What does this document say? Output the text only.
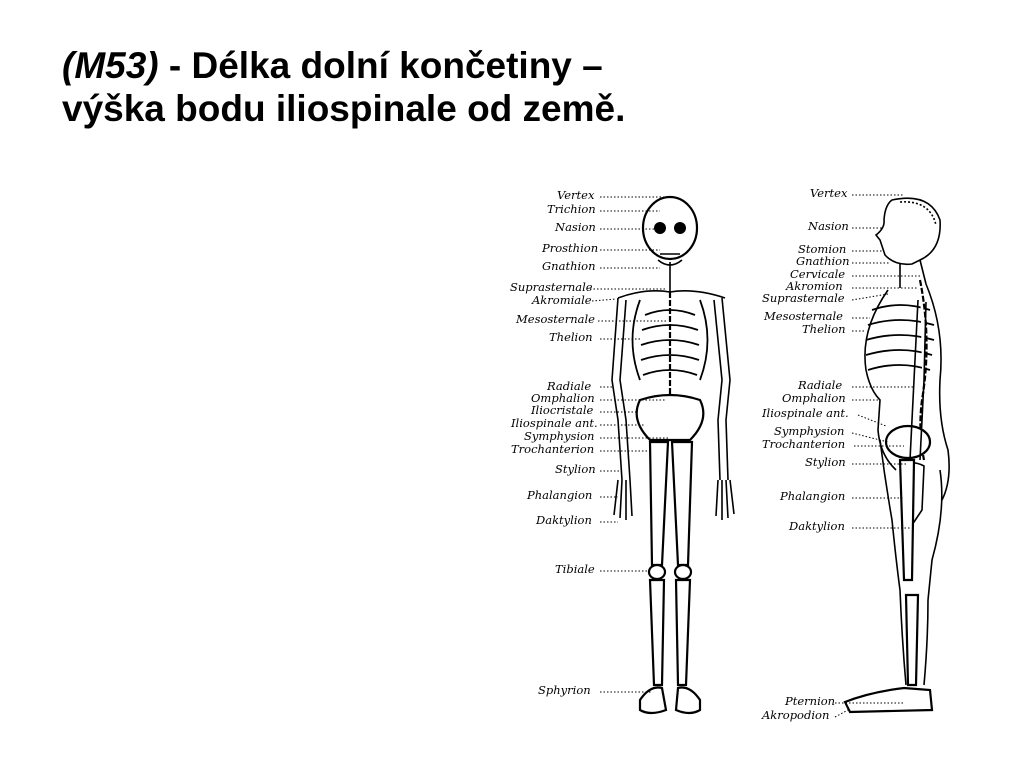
(M53) - Délka dolní končetiny –
výška bodu iliospinale od země.
Vertex
Trichion
Nasion
Prosthion
Gnathion
Suprasternale
Akromiale
Mesosternale
Thelion
Radiale
Omphalion
Iliocristale
Iliospinale ant.
Symphysion
Trochanterion
Stylion
Phalangion
Daktylion
Tibiale
Sphyrion
Vertex
Nasion
Stomion
Gnathion
Cervicale
Akromion
Suprasternale
Mesosternale
Thelion
Radiale
Omphalion
Iliospinale ant.
Symphysion
Trochanterion
Stylion
Phalangion
Daktylion
Pternion
Akropodion
